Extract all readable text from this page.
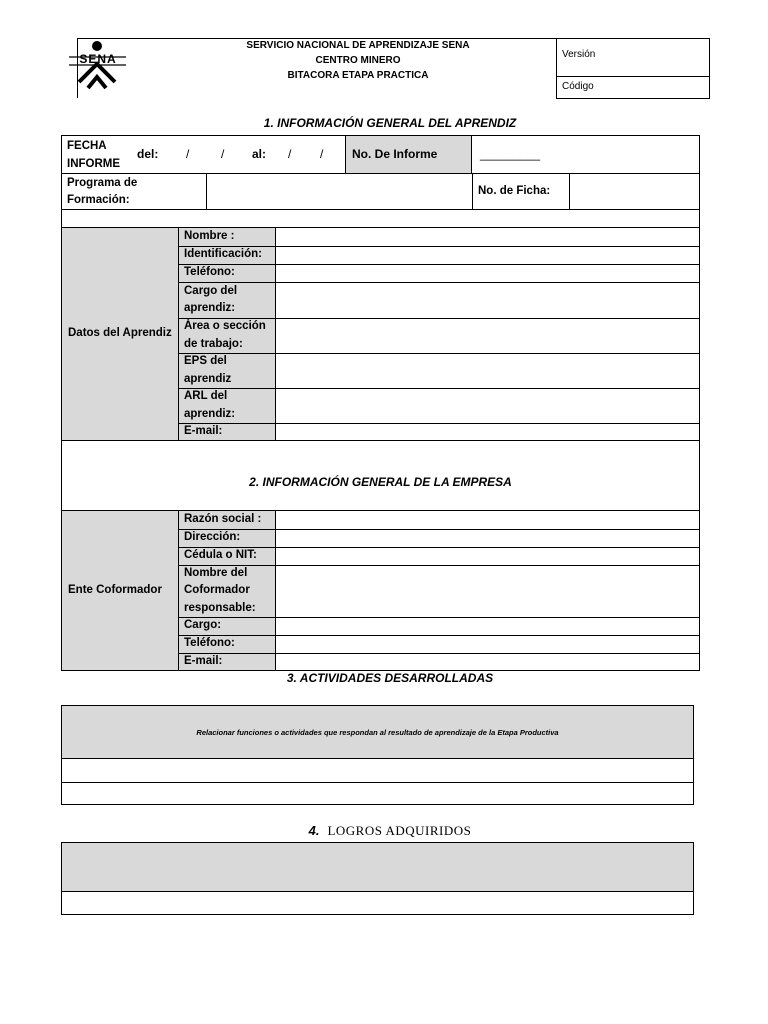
SENA
SERVICIO NACIONAL DE APRENDIZAJE SENA
CENTRO MINERO
BITACORA ETAPA PRACTICA
Versión
Código
1. INFORMACIÓN GENERAL DEL APRENDIZ
FECHA INFORME
del: /	/ al: / / No. De Informe	_________
Programa de Formación:
No. de Ficha:
Datos del Aprendiz
Nombre :
Identificación:
Teléfono:
Cargo del aprendiz:
Área o sección de trabajo:
EPS del aprendiz
ARL del aprendiz:
E-mail:
2. INFORMACIÓN GENERAL DE LA EMPRESA
Ente Coformador
Razón social :
Dirección:
Cédula o NIT:
Nombre del Coformador responsable:
Cargo:
Teléfono:
E-mail:
3. ACTIVIDADES DESARROLLADAS
Relacionar funciones o actividades que respondan al resultado de aprendizaje de la Etapa Productiva
4. LOGROS ADQUIRIDOS
